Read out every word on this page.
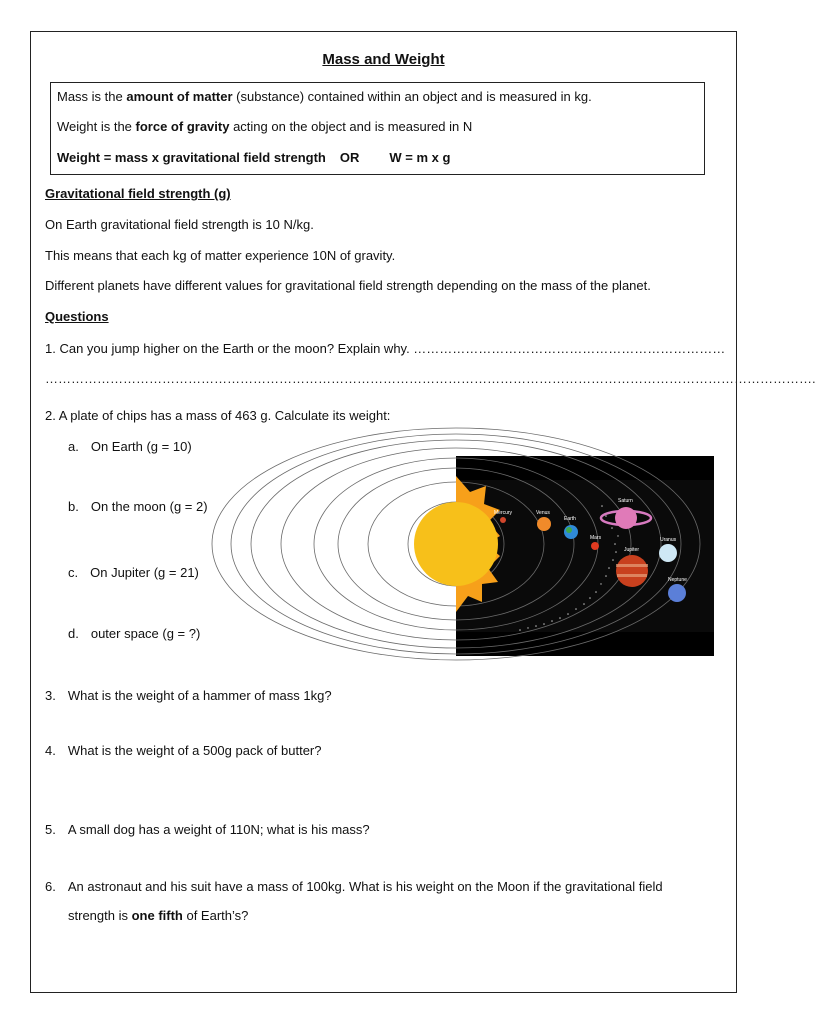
Mass and Weight
Mass is the amount of matter (substance) contained within an object and is measured in kg.
Weight is the force of gravity acting on the object and is measured in N
Weight = mass x gravitational field strength OR W = m x g
Gravitational field strength (g)
On Earth gravitational field strength is 10 N/kg.
This means that each kg of matter experience 10N of gravity.
Different planets have different values for gravitational field strength depending on the mass of the planet.
Questions
1. Can you jump higher on the Earth or the moon? Explain why. ………………………………………………………………
…………………………………………………………………………………………………………………………………………………………….
2. A plate of chips has a mass of 463 g. Calculate its weight:
a. On Earth (g = 10)
b. On the moon (g = 2)
c. On Jupiter (g = 21)
d. outer space (g = ?)
Mercury	Venus
Earth
Mars
Jupiter
Saturn
Uranus
Neptune
3. What is the weight of a hammer of mass 1kg?
4. What is the weight of a 500g pack of butter?
5. A small dog has a weight of 110N; what is his mass?
6. An astronaut and his suit have a mass of 100kg. What is his weight on the Moon if the gravitational field
strength is one fifth of Earth’s?
